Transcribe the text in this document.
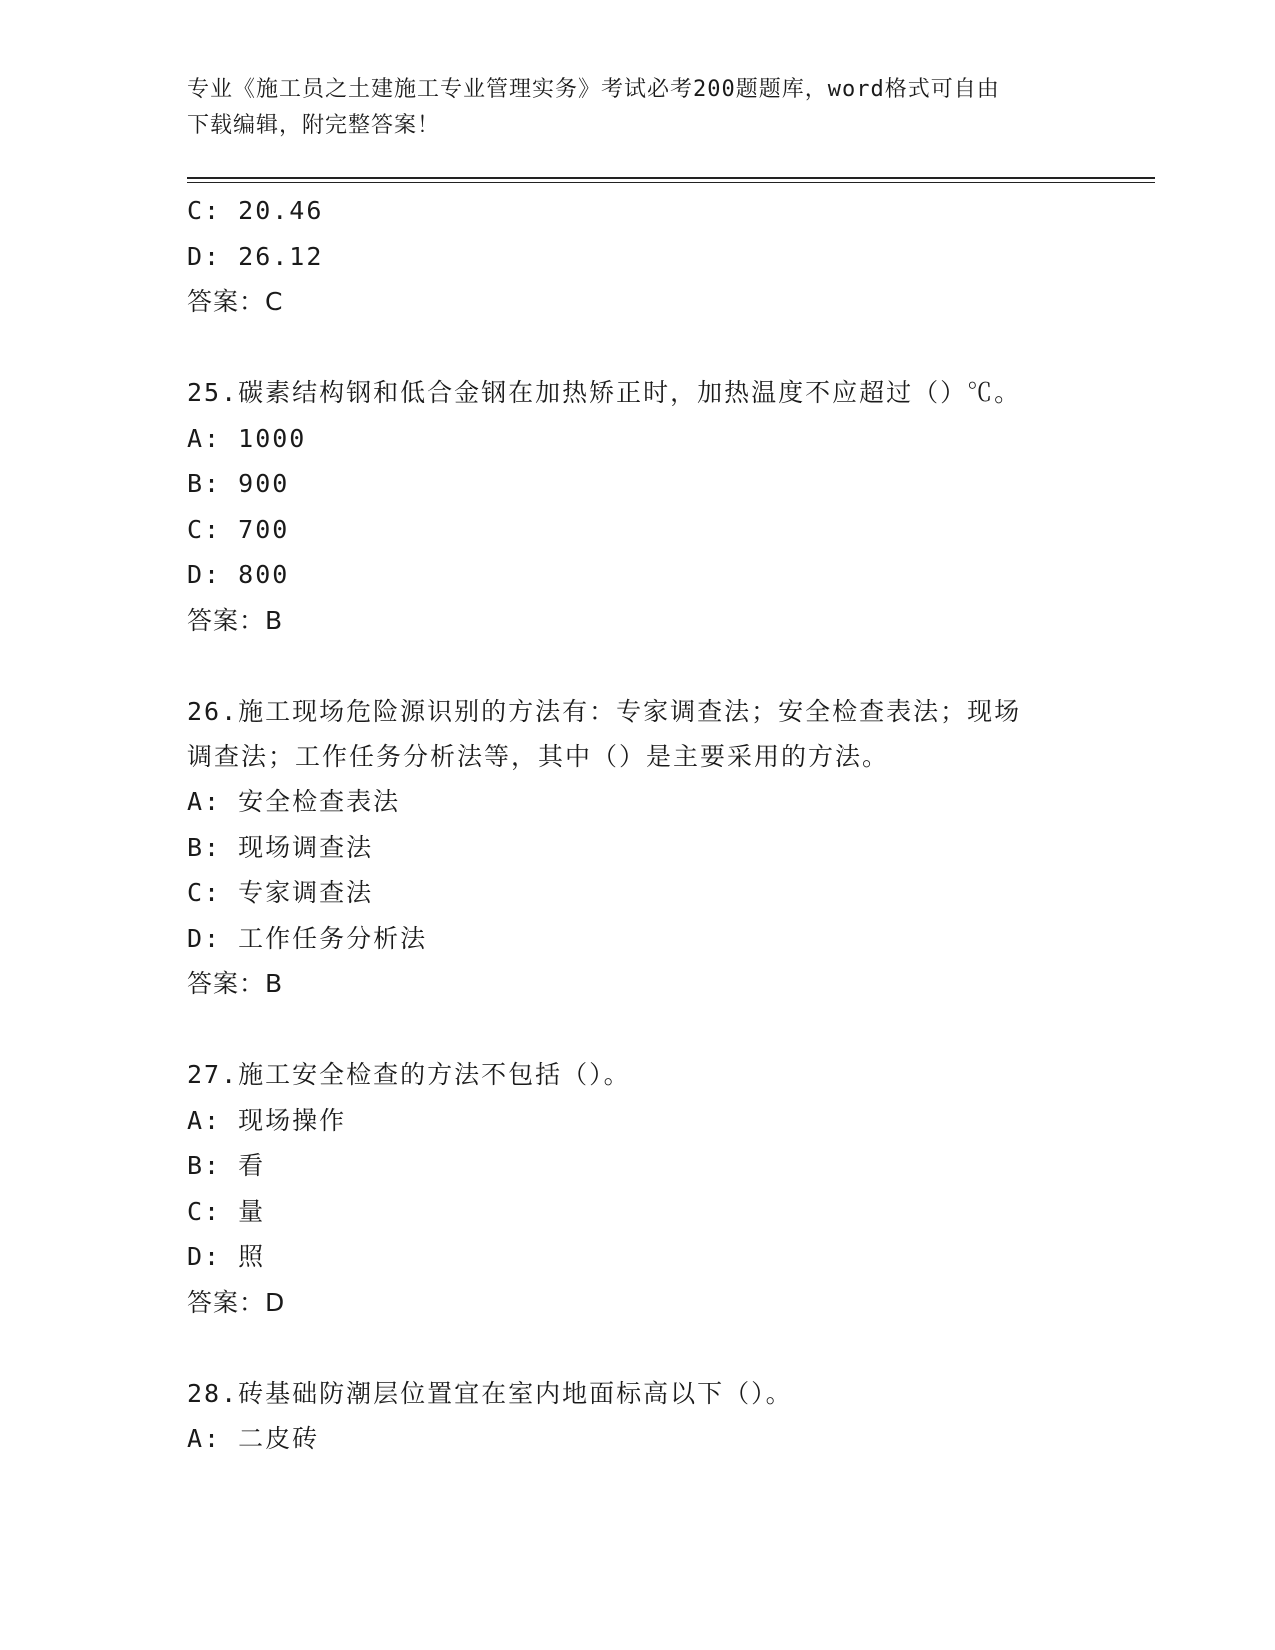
专业《施工员之土建施工专业管理实务》考试必考200题题库，word格式可自由
下载编辑，附完整答案！
C: 20.46
D: 26.12
答案：C
25.碳素结构钢和低合金钢在加热矫正时，加热温度不应超过（）℃。
A: 1000
B: 900
C: 700
D: 800
答案：B
26.施工现场危险源识别的方法有：专家调查法；安全检查表法；现场
调查法；工作任务分析法等，其中（）是主要采用的方法。
A: 安全检查表法
B: 现场调查法
C: 专家调查法
D: 工作任务分析法
答案：B
27.施工安全检查的方法不包括（）。
A: 现场操作
B: 看
C: 量
D: 照
答案：D
28.砖基础防潮层位置宜在室内地面标高以下（）。
A: 二皮砖
